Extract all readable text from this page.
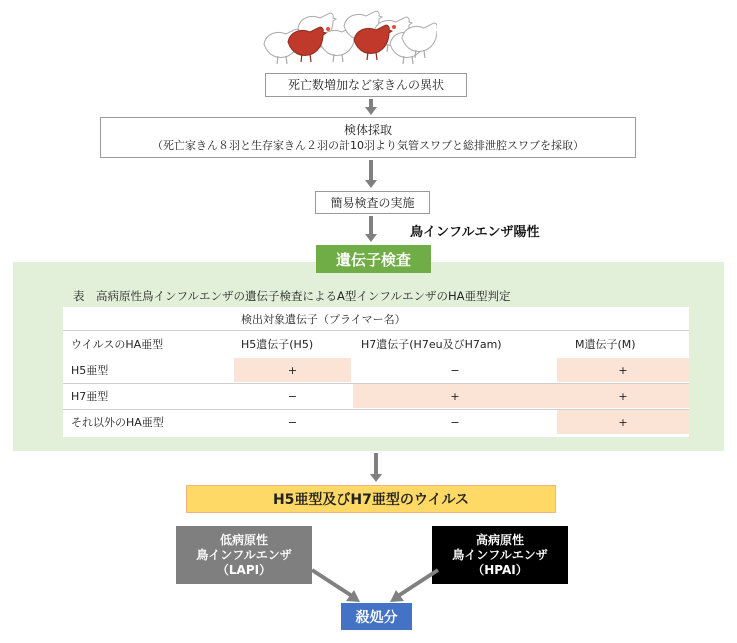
死亡数増加など家きんの異状
検体採取
（死亡家きん８羽と生存家きん２羽の計10羽より気管スワブと総排泄腔スワブを採取）
簡易検査の実施
鳥インフルエンザ陽性
遺伝子検査
表　高病原性鳥インフルエンザの遺伝子検査によるA型インフルエンザのHA亜型判定
検出対象遺伝子（プライマー名）
ウイルスのHA亜型	H5遺伝子(H5)	H7遺伝子(H7eu及びH7am)	M遺伝子(M)
H5亜型	+	−	+
H7亜型	−	+	+
それ以外のHA亜型	−	−	+
H5亜型及びH7亜型のウイルス
低病原性
鳥インフルエンザ
（LAPI）
高病原性
鳥インフルエンザ
（HPAI）
殺処分
